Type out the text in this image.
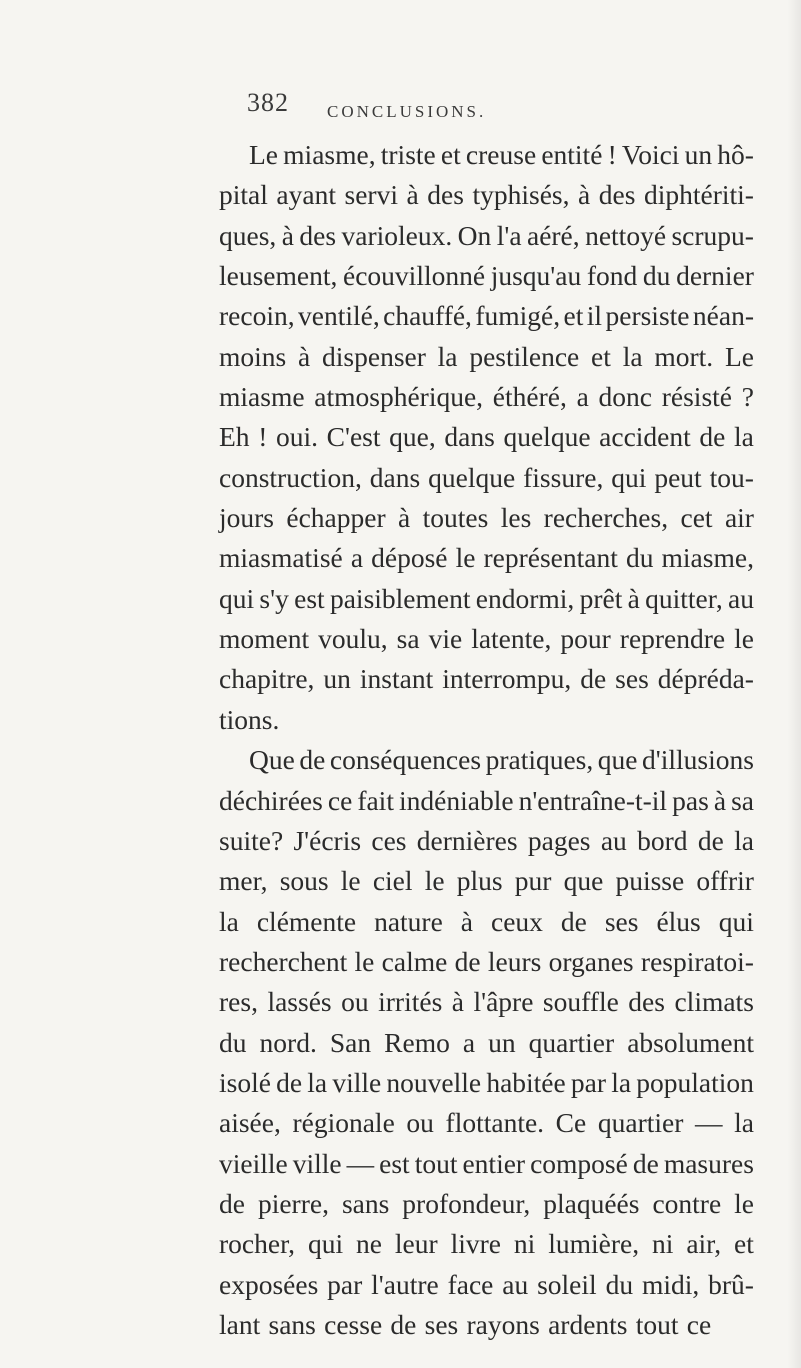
382 CONCLUSIONS.
Le miasme, triste et creuse entité ! Voici un hô-
pital ayant servi à des typhisés, à des diphtériti-
ques, à des varioleux. On l'a aéré, nettoyé scrupu-
leusement, écouvillonné jusqu'au fond du dernier
recoin, ventilé, chauffé, fumigé, et il persiste néan-
moins à dispenser la pestilence et la mort. Le
miasme atmosphérique, éthéré, a donc résisté ?
Eh ! oui. C'est que, dans quelque accident de la
construction, dans quelque fissure, qui peut tou-
jours échapper à toutes les recherches, cet air
miasmatisé a déposé le représentant du miasme,
qui s'y est paisiblement endormi, prêt à quitter, au
moment voulu, sa vie latente, pour reprendre le
chapitre, un instant interrompu, de ses dépréda-
tions.
Que de conséquences pratiques, que d'illusions
déchirées ce fait indéniable n'entraîne-t-il pas à sa
suite? J'écris ces dernières pages au bord de la
mer, sous le ciel le plus pur que puisse offrir
la clémente nature à ceux de ses élus qui
recherchent le calme de leurs organes respiratoi-
res, lassés ou irrités à l'âpre souffle des climats
du nord. San Remo a un quartier absolument
isolé de la ville nouvelle habitée par la population
aisée, régionale ou flottante. Ce quartier — la
vieille ville — est tout entier composé de masures
de pierre, sans profondeur, plaquéés contre le
rocher, qui ne leur livre ni lumière, ni air, et
exposées par l'autre face au soleil du midi, brû-
lant sans cesse de ses rayons ardents tout ce
